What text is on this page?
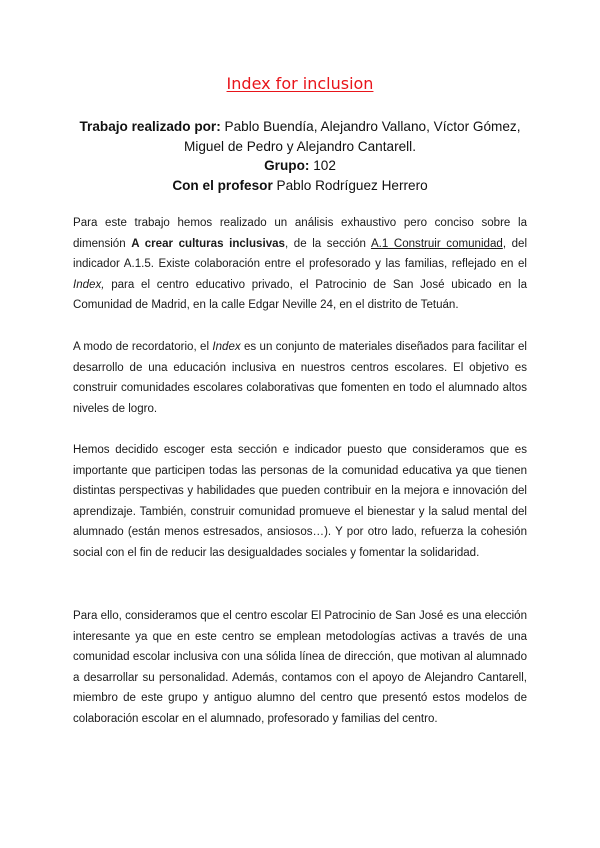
Index for inclusion
Trabajo realizado por: Pablo Buendía, Alejandro Vallano, Víctor Gómez, Miguel de Pedro y Alejandro Cantarell.
Grupo: 102
Con el profesor Pablo Rodríguez Herrero

Para este trabajo hemos realizado un análisis exhaustivo pero conciso sobre la dimensión A crear culturas inclusivas, de la sección A.1 Construir comunidad, del indicador A.1.5. Existe colaboración entre el profesorado y las familias, reflejado en el Index, para el centro educativo privado, el Patrocinio de San José ubicado en la Comunidad de Madrid, en la calle Edgar Neville 24, en el distrito de Tetuán.

A modo de recordatorio, el Index es un conjunto de materiales diseñados para facilitar el desarrollo de una educación inclusiva en nuestros centros escolares. El objetivo es construir comunidades escolares colaborativas que fomenten en todo el alumnado altos niveles de logro.

Hemos decidido escoger esta sección e indicador puesto que consideramos que es importante que participen todas las personas de la comunidad educativa ya que tienen distintas perspectivas y habilidades que pueden contribuir en la mejora e innovación del aprendizaje. También, construir comunidad promueve el bienestar y la salud mental del alumnado (están menos estresados, ansiosos…). Y por otro lado, refuerza la cohesión social con el fin de reducir las desigualdades sociales y fomentar la solidaridad.

Para ello, consideramos que el centro escolar El Patrocinio de San José es una elección interesante ya que en este centro se emplean metodologías activas a través de una comunidad escolar inclusiva con una sólida línea de dirección, que motivan al alumnado a desarrollar su personalidad. Además, contamos con el apoyo de Alejandro Cantarell, miembro de este grupo y antiguo alumno del centro que presentó estos modelos de colaboración escolar en el alumnado, profesorado y familias del centro.
